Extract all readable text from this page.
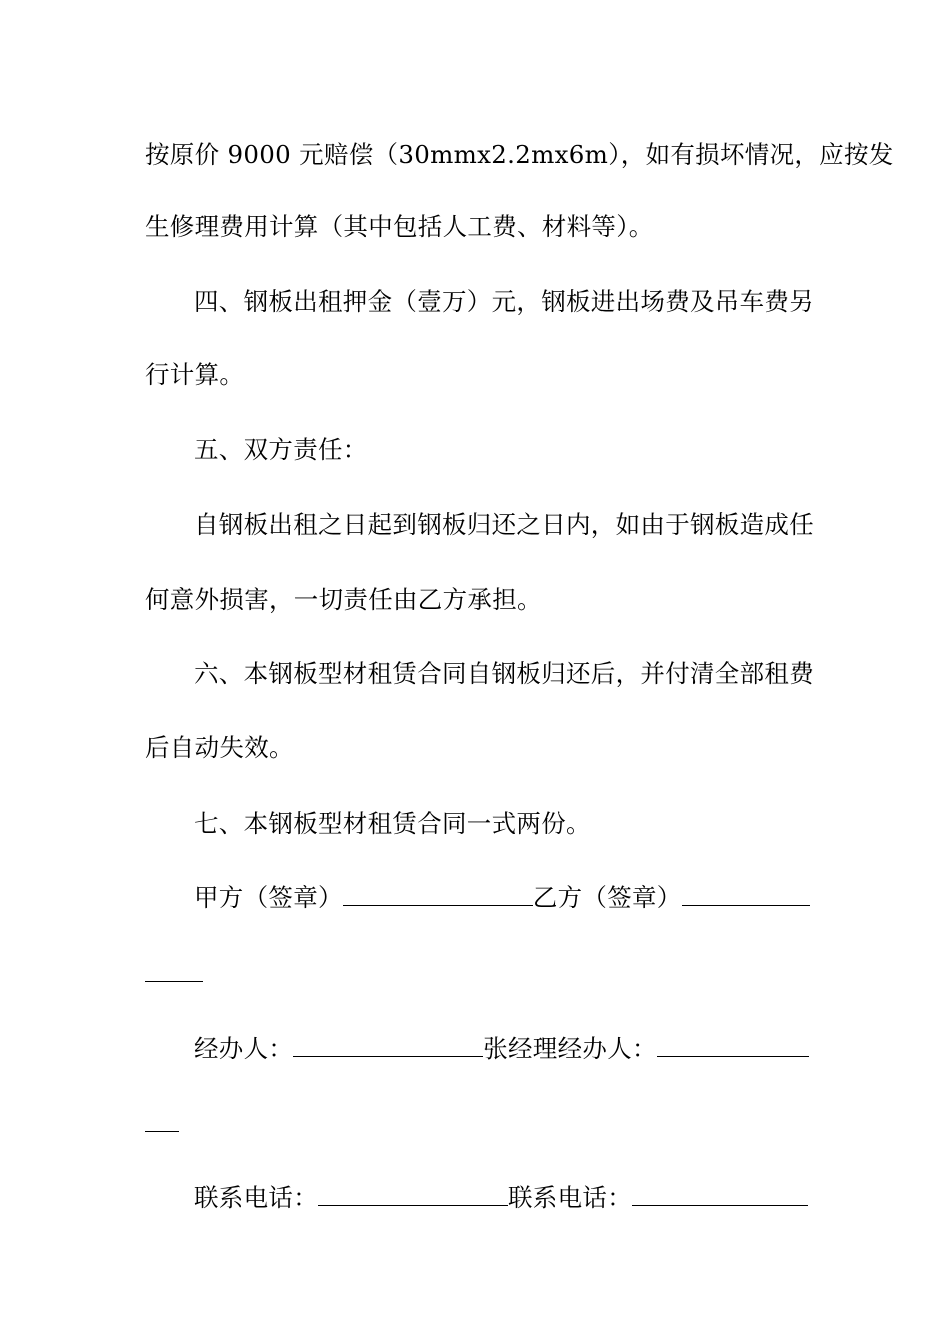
按原价 9000 元赔偿（30mmx2.2mx6m），如有损坏情况，应按发
生修理费用计算（其中包括人工费、材料等）。
四、钢板出租押金（壹万）元，钢板进出场费及吊车费另
行计算。
五、双方责任：
自钢板出租之日起到钢板归还之日内，如由于钢板造成任
何意外损害，一切责任由乙方承担。
六、本钢板型材租赁合同自钢板归还后，并付清全部租费
后自动失效。
七、本钢板型材租赁合同一式两份。
甲方（签章）	乙方（签章）
经办人：	张经理经办人：
联系电话：	联系电话：
